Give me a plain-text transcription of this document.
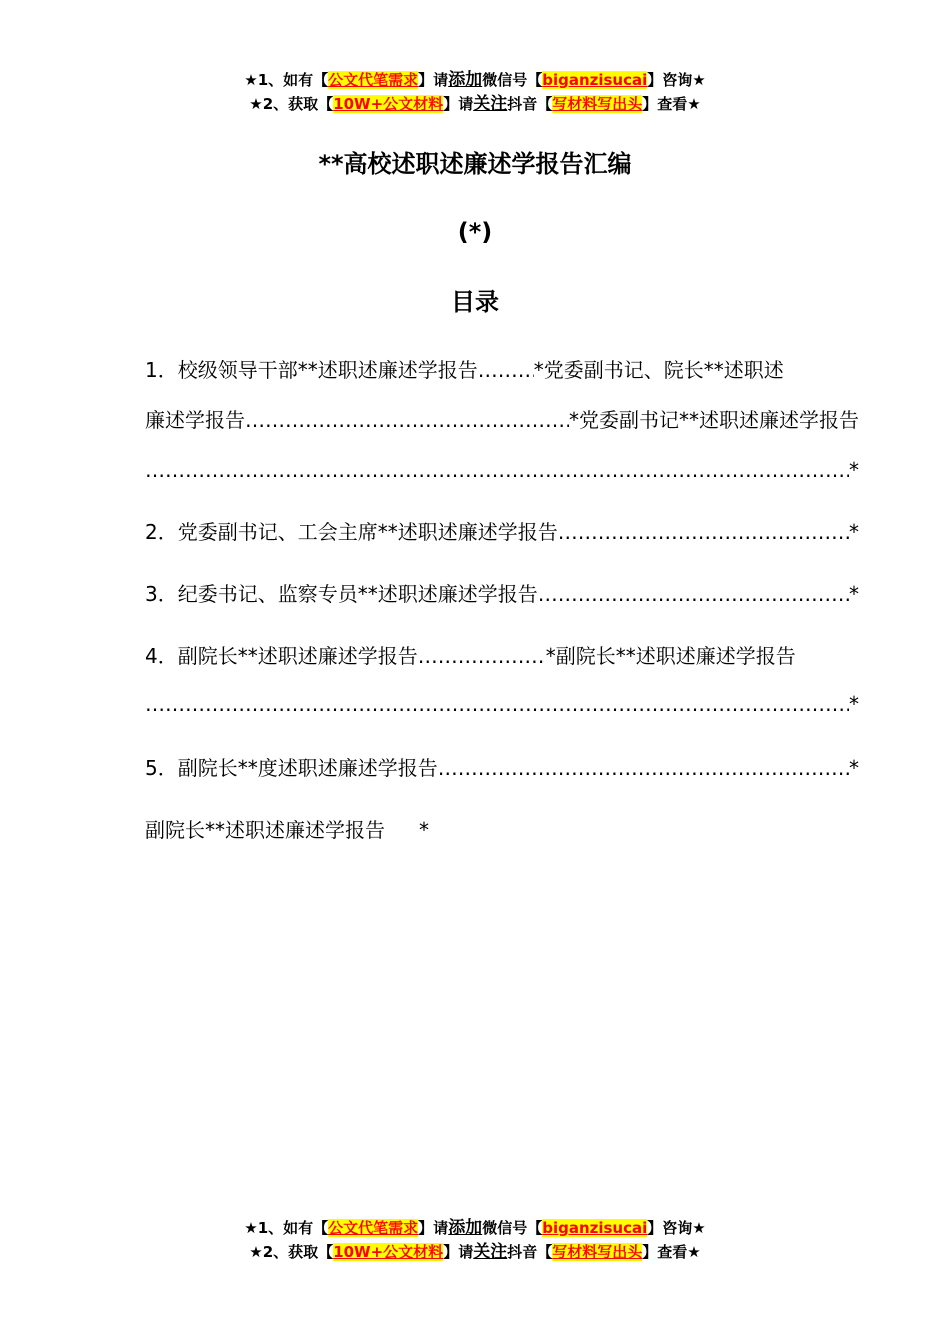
★1、如有【公文代笔需求】请添加微信号【biganzisucai】咨询★
★2、获取【10W+公文材料】请关注抖音【写材料写出头】查看★
**高校述职述廉述学报告汇编
(*)
目录
1． 校级领导干部**述职述廉述学报告 …………………………………………………………………………………………………………………………………………………………………………………………………	* 党委副书记、院长**述职述
廉述学报告 …………………………………………………………………………………………………………………………………………………………………………………………………	* 党委副书记**述职述廉述学报告
…………………………………………………………………………………………………………………………………………………………………………………………………
*
2． 党委副书记、工会主席**述职述廉述学报告 …………………………………………………………………………………………………………………………………………………………………………………………………	*
3． 纪委书记、监察专员**述职述廉述学报告 …………………………………………………………………………………………………………………………………………………………………………………………………	*
4． 副院长**述职述廉述学报告 …………………………………………………………………………………………………………………………………………………………………………………………………	* 副院长**述职述廉述学报告
…………………………………………………………………………………………………………………………………………………………………………………………………
*
5． 副院长**度述职述廉述学报告 …………………………………………………………………………………………………………………………………………………………………………………………………	*
副院长**述职述廉述学报告 *
★1、如有【公文代笔需求】请添加微信号【biganzisucai】咨询★
★2、获取【10W+公文材料】请关注抖音【写材料写出头】查看★
